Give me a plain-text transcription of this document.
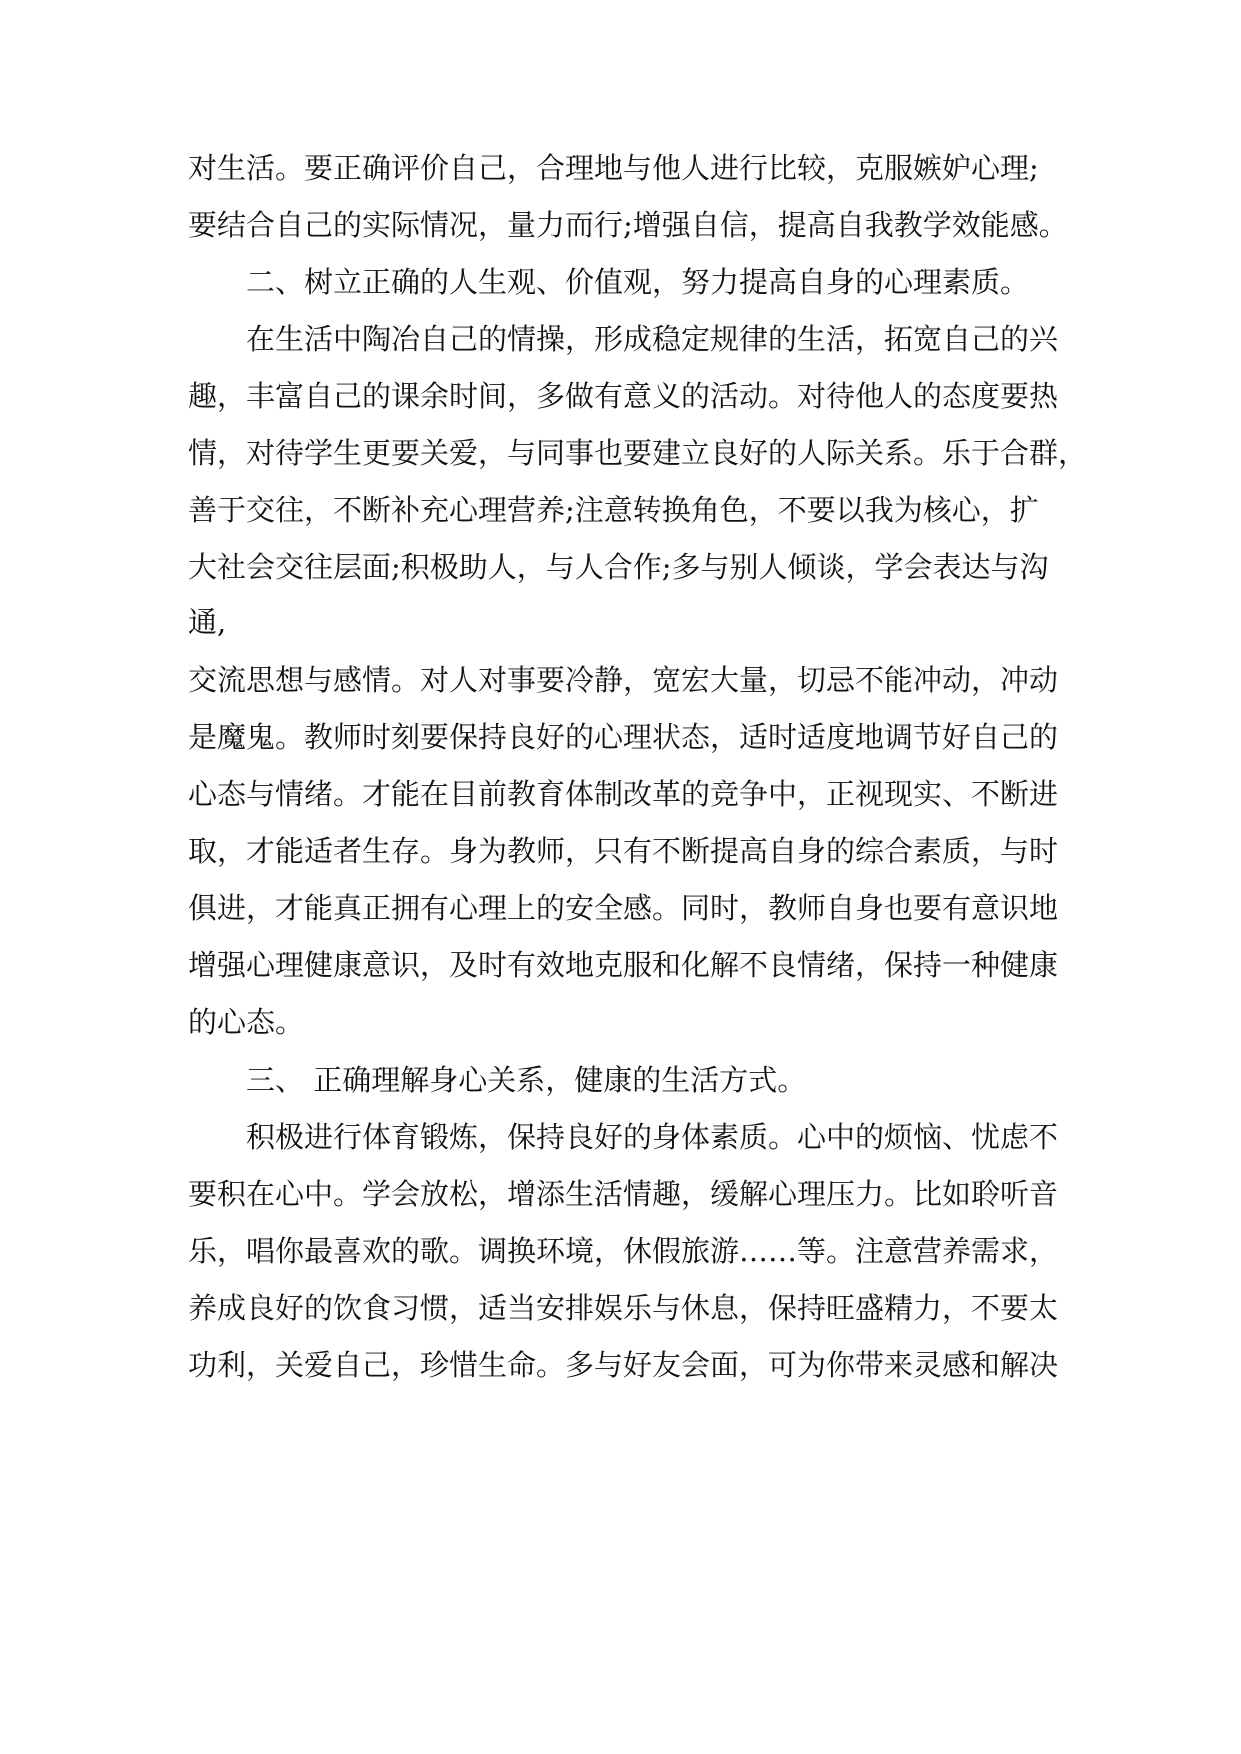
对生活。要正确评价自己，合理地与他人进行比较，克服嫉妒心理;

要结合自己的实际情况，量力而行;增强自信，提高自我教学效能感。

二、树立正确的人生观、价值观，努力提高自身的心理素质。

在生活中陶冶自己的情操，形成稳定规律的生活，拓宽自己的兴

趣，丰富自己的课余时间，多做有意义的活动。对待他人的态度要热

情，对待学生更要关爱，与同事也要建立良好的人际关系。乐于合群，

善于交往，不断补充心理营养;注意转换角色，不要以我为核心，扩

大社会交往层面;积极助人，与人合作;多与别人倾谈，学会表达与沟

通,

交流思想与感情。对人对事要冷静，宽宏大量，切忌不能冲动，冲动

是魔鬼。教师时刻要保持良好的心理状态，适时适度地调节好自己的

心态与情绪。才能在目前教育体制改革的竞争中，正视现实、不断进

取，才能适者生存。身为教师，只有不断提高自身的综合素质，与时

俱进，才能真正拥有心理上的安全感。同时，教师自身也要有意识地

增强心理健康意识，及时有效地克服和化解不良情绪，保持一种健康

的心态。

三、 正确理解身心关系，健康的生活方式。

积极进行体育锻炼，保持良好的身体素质。心中的烦恼、忧虑不

要积在心中。学会放松，增添生活情趣，缓解心理压力。比如聆听音

乐，唱你最喜欢的歌。调换环境，休假旅游……等。注意营养需求，

养成良好的饮食习惯，适当安排娱乐与休息，保持旺盛精力，不要太

功利，关爱自己，珍惜生命。多与好友会面，可为你带来灵感和解决
